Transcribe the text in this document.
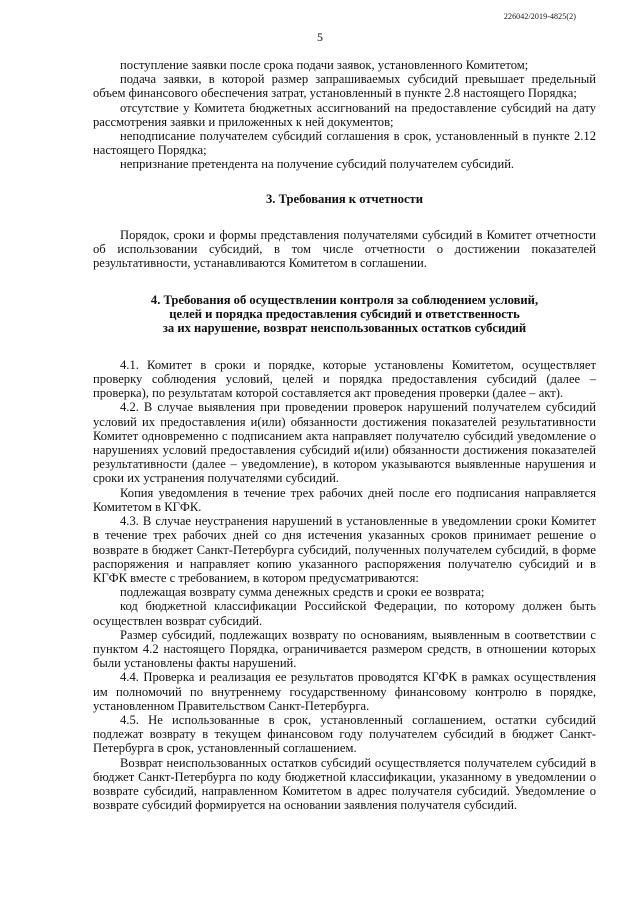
226042/2019-4825(2)
5

поступление заявки после срока подачи заявок, установленного Комитетом;

подача заявки, в которой размер запрашиваемых субсидий превышает предельный объем финансового обеспечения затрат, установленный в пункте 2.8 настоящего Порядка;

отсутствие у Комитета бюджетных ассигнований на предоставление субсидий на дату рассмотрения заявки и приложенных к ней документов;

неподписание получателем субсидий соглашения в срок, установленный в пункте 2.12 настоящего Порядка;

непризнание претендента на получение субсидий получателем субсидий.

3. Требования к отчетности

Порядок, сроки и формы представления получателями субсидий в Комитет отчетности об использовании субсидий, в том числе отчетности о достижении показателей результативности, устанавливаются Комитетом в соглашении.

4. Требования об осуществлении контроля за соблюдением условий,

целей и порядка предоставления субсидий и ответственность

за их нарушение, возврат неиспользованных остатков субсидий

4.1. Комитет в сроки и порядке, которые установлены Комитетом, осуществляет проверку соблюдения условий, целей и порядка предоставления субсидий (далее – проверка), по результатам которой составляется акт проведения проверки (далее – акт).

4.2. В случае выявления при проведении проверок нарушений получателем субсидий условий их предоставления и(или) обязанности достижения показателей результативности Комитет одновременно с подписанием акта направляет получателю субсидий уведомление о нарушениях условий предоставления субсидий и(или) обязанности достижения показателей результативности (далее – уведомление), в котором указываются выявленные нарушения и сроки их устранения получателями субсидий.

Копия уведомления в течение трех рабочих дней после его подписания направляется Комитетом в КГФК.

4.3. В случае неустранения нарушений в установленные в уведомлении сроки Комитет в течение трех рабочих дней со дня истечения указанных сроков принимает решение о возврате в бюджет Санкт-Петербурга субсидий, полученных получателем субсидий, в форме распоряжения и направляет копию указанного распоряжения получателю субсидий и в КГФК вместе с требованием, в котором предусматриваются:

подлежащая возврату сумма денежных средств и сроки ее возврата;

код бюджетной классификации Российской Федерации, по которому должен быть осуществлен возврат субсидий.

Размер субсидий, подлежащих возврату по основаниям, выявленным в соответствии с пунктом 4.2 настоящего Порядка, ограничивается размером средств, в отношении которых были установлены факты нарушений.

4.4. Проверка и реализация ее результатов проводятся КГФК в рамках осуществления им полномочий по внутреннему государственному финансовому контролю в порядке, установленном Правительством Санкт-Петербурга.

4.5. Не использованные в срок, установленный соглашением, остатки субсидий подлежат возврату в текущем финансовом году получателем субсидий в бюджет Санкт-Петербурга в срок, установленный соглашением.

Возврат неиспользованных остатков субсидий осуществляется получателем субсидий в бюджет Санкт-Петербурга по коду бюджетной классификации, указанному в уведомлении о возврате субсидий, направленном Комитетом в адрес получателя субсидий. Уведомление о возврате субсидий формируется на основании заявления получателя субсидий.
